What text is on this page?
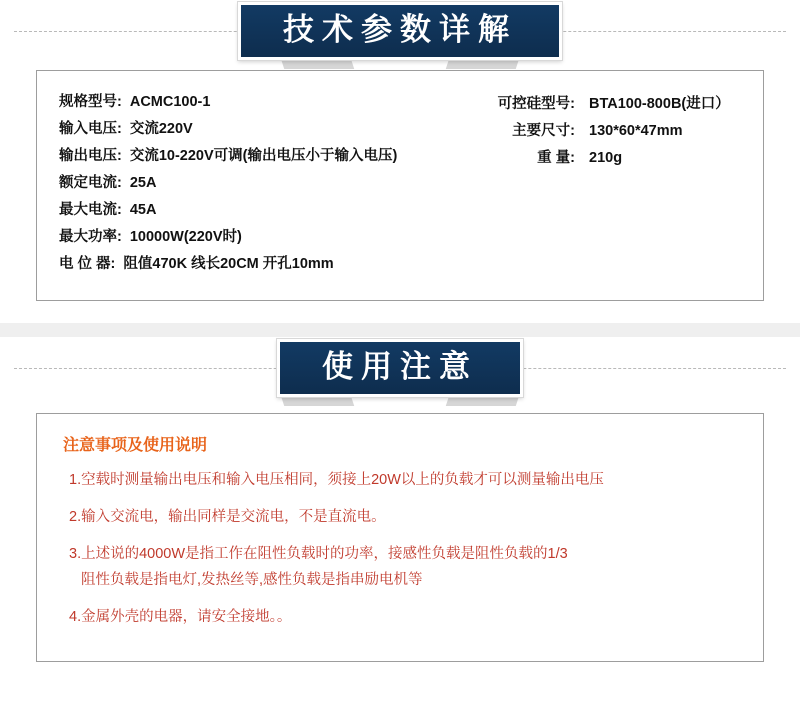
技术参数详解
规格型号: ACMC100-1
输入电压: 交流220V
输出电压: 交流10-220V可调(输出电压小于输入电压)
额定电流: 25A
最大电流: 45A
最大功率: 10000W(220V时)
电 位 器: 阻值470K 线长20CM 开孔10mm
可控硅型号: BTA100-800B(进口）
主要尺寸: 130*60*47mm
重 量: 210g
使用注意
注意事项及使用说明
1.空载时测量输出电压和输入电压相同，须接上20W以上的负载才可以测量输出电压
2.输入交流电，输出同样是交流电，不是直流电。
3.上述说的4000W是指工作在阻性负载时的功率，接感性负载是阻性负载的1/3
阻性负载是指电灯,发热丝等,感性负载是指串励电机等
4.金属外壳的电器，请安全接地。。
